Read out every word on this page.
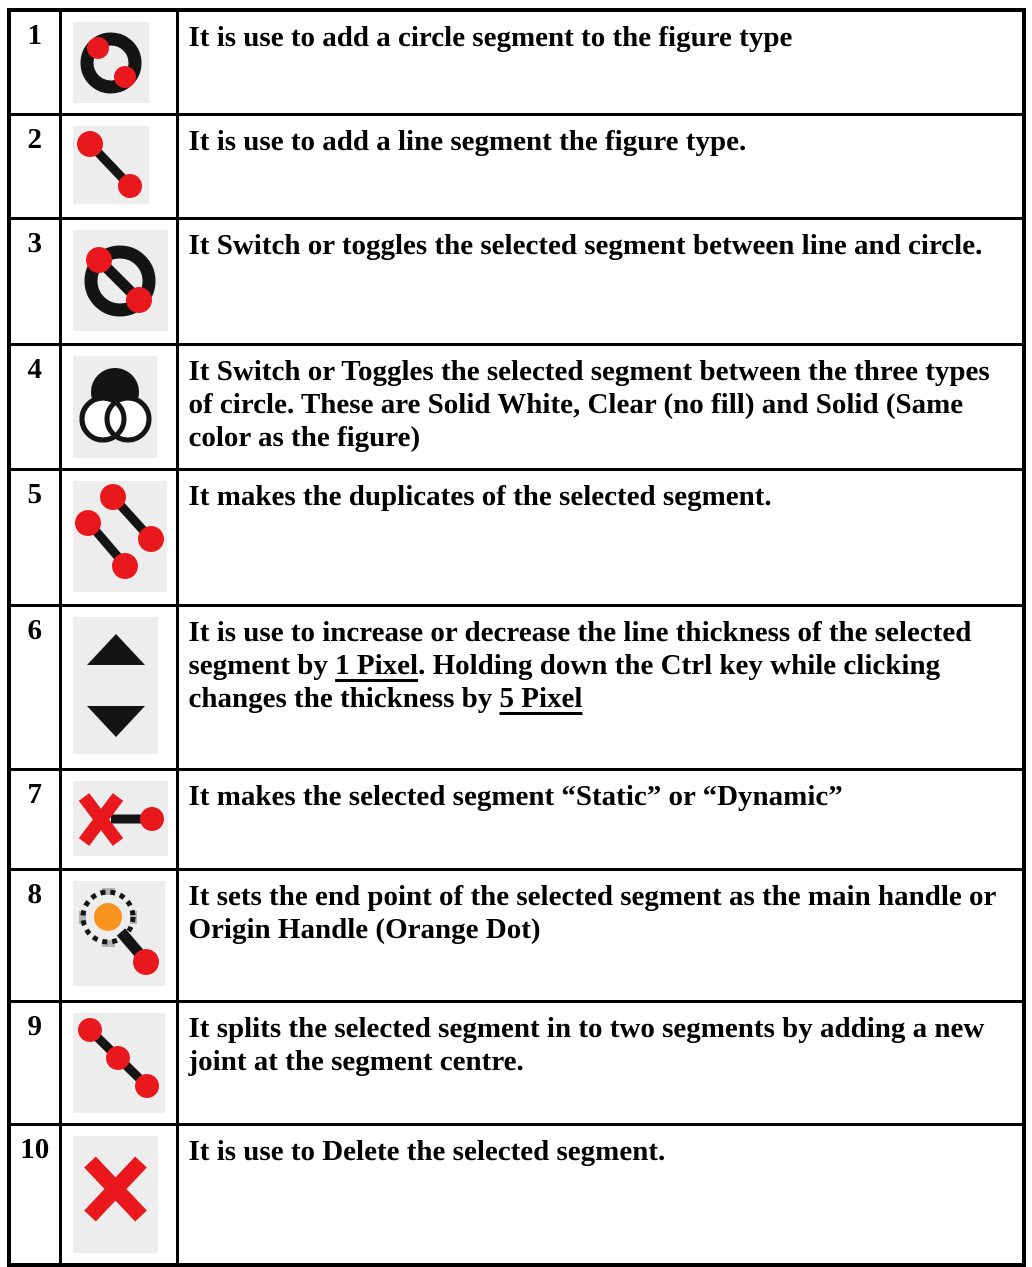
1		It is use to add a circle segment to the figure type
2		It is use to add a line segment the figure type.
3		It Switch or toggles the selected segment between line and circle.
4		It Switch or Toggles the selected segment between the three types of circle. These are Solid White, Clear (no fill) and Solid (Same color as the figure)
5		It makes the duplicates of the selected segment.
6		It is use to increase or decrease the line thickness of the selected segment by 1 Pixel. Holding down the Ctrl key while clicking changes the thickness by 5 Pixel
7		It makes the selected segment “Static” or “Dynamic”
8		It sets the end point of the selected segment as the main handle or Origin Handle (Orange Dot)
9		It splits the selected segment in to two segments by adding a new joint at the segment centre.
10		It is use to Delete the selected segment.
